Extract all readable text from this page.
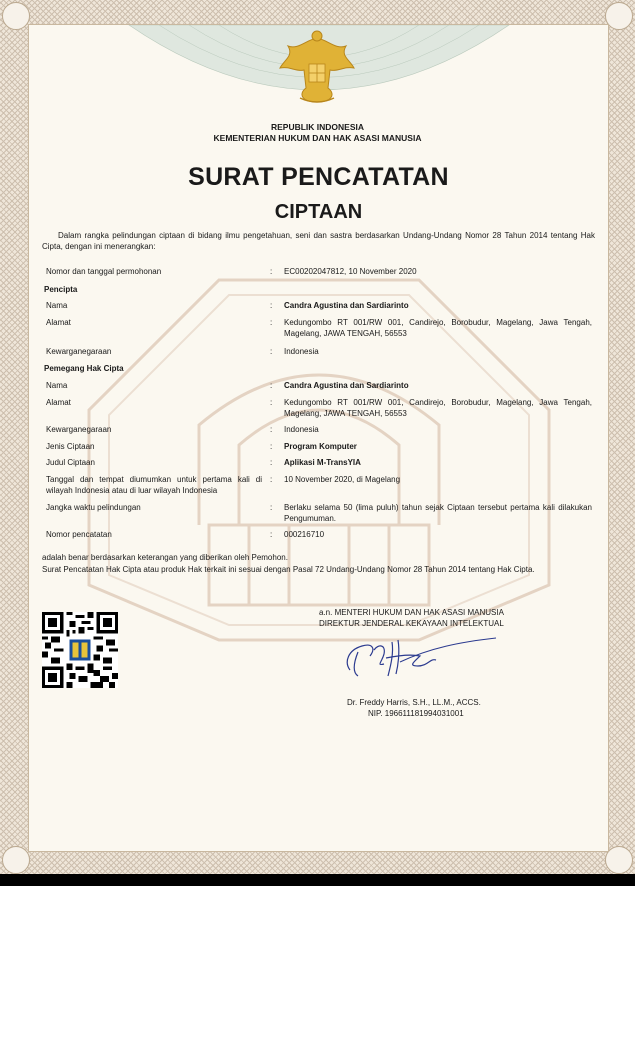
REPUBLIK INDONESIA
KEMENTERIAN HUKUM DAN HAK ASASI MANUSIA
SURAT PENCATATAN
CIPTAAN
Dalam rangka pelindungan ciptaan di bidang ilmu pengetahuan, seni dan sastra berdasarkan Undang-Undang Nomor 28 Tahun 2014 tentang Hak Cipta, dengan ini menerangkan:
Nomor dan tanggal permohonan	: EC00202047812, 10 November 2020
Pencipta
Nama	: Candra Agustina dan Sardiarinto
Alamat	: Kedungombo RT 001/RW 001, Candirejo, Borobudur, Magelang, Jawa Tengah, Magelang, JAWA TENGAH, 56553
Kewarganegaraan	: Indonesia
Pemegang Hak Cipta
Nama	: Candra Agustina dan Sardiarinto
Alamat	: Kedungombo RT 001/RW 001, Candirejo, Borobudur, Magelang, Jawa Tengah, Magelang, JAWA TENGAH, 56553
Kewarganegaraan	: Indonesia
Jenis Ciptaan	: Program Komputer
Judul Ciptaan	: Aplikasi M-TransYIA
Tanggal dan tempat diumumkan untuk pertama kali di wilayah Indonesia atau di luar wilayah Indonesia
: 10 November 2020, di Magelang
Jangka waktu pelindungan	: Berlaku selama 50 (lima puluh) tahun sejak Ciptaan tersebut pertama kali dilakukan Pengumuman.
Nomor pencatatan	: 000216710
adalah benar berdasarkan keterangan yang diberikan oleh Pemohon.
Surat Pencatatan Hak Cipta atau produk Hak terkait ini sesuai dengan Pasal 72 Undang-Undang Nomor 28 Tahun 2014 tentang Hak Cipta.
a.n. MENTERI HUKUM DAN HAK ASASI MANUSIA
DIREKTUR JENDERAL KEKAYAAN INTELEKTUAL
Dr. Freddy Harris, S.H., LL.M., ACCS.
NIP. 196611181994031001
